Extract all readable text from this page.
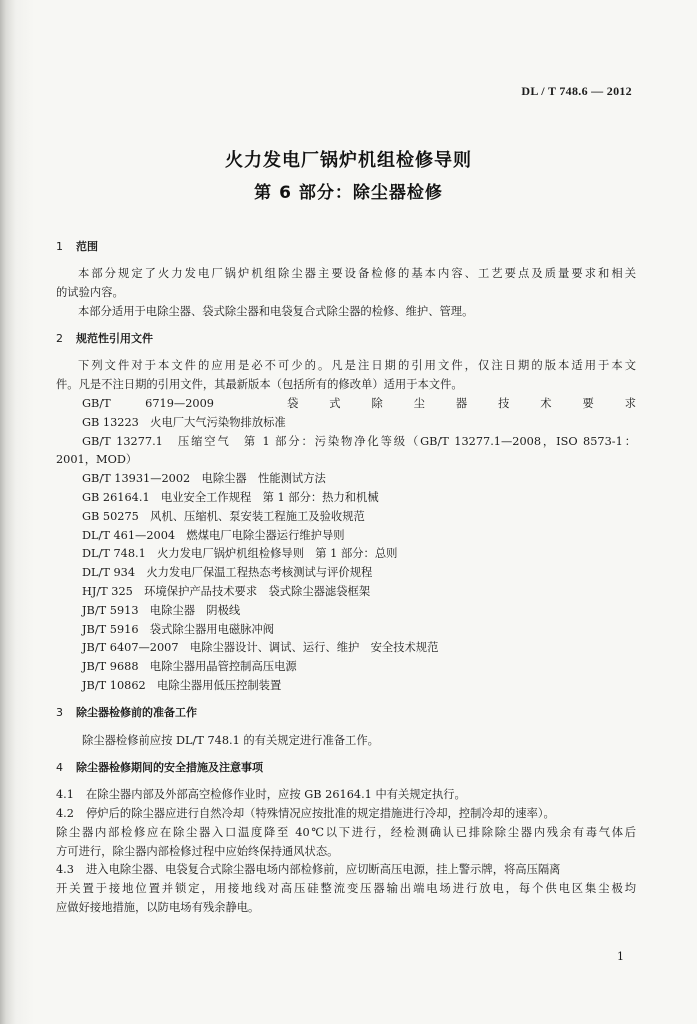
DL / T 748.6 — 2012
火力发电厂锅炉机组检修导则
第 6 部分：除尘器检修
1 范围
本部分规定了火力发电厂锅炉机组除尘器主要设备检修的基本内容、工艺要点及质量要求和相关
的试验内容。
本部分适用于电除尘器、袋式除尘器和电袋复合式除尘器的检修、维护、管理。
2 规范性引用文件
下列文件对于本文件的应用是必不可少的。凡是注日期的引用文件，仅注日期的版本适用于本文
件。凡是不注日期的引用文件，其最新版本（包括所有的修改单）适用于本文件。
GB/T 6719—2009　袋式除尘器技术要求
GB 13223　火电厂大气污染物排放标准
GB/T 13277.1　压缩空气　第 1 部分：污染物净化等级（GB/T 13277.1—2008，ISO 8573-1：
2001，MOD）
GB/T 13931—2002　电除尘器　性能测试方法
GB 26164.1　电业安全工作规程　第 1 部分：热力和机械
GB 50275　风机、压缩机、泵安装工程施工及验收规范
DL/T 461—2004　燃煤电厂电除尘器运行维护导则
DL/T 748.1　火力发电厂锅炉机组检修导则　第 1 部分：总则
DL/T 934　火力发电厂保温工程热态考核测试与评价规程
HJ/T 325　环境保护产品技术要求　袋式除尘器滤袋框架
JB/T 5913　电除尘器　阴极线
JB/T 5916　袋式除尘器用电磁脉冲阀
JB/T 6407—2007　电除尘器设计、调试、运行、维护　安全技术规范
JB/T 9688　电除尘器用晶管控制高压电源
JB/T 10862　电除尘器用低压控制装置
3 除尘器检修前的准备工作
除尘器检修前应按 DL/T 748.1 的有关规定进行准备工作。
4 除尘器检修期间的安全措施及注意事项
4.1 在除尘器内部及外部高空检修作业时，应按 GB 26164.1 中有关规定执行。
4.2 停炉后的除尘器应进行自然冷却（特殊情况应按批准的规定措施进行冷却，控制冷却的速率）。
除尘器内部检修应在除尘器入口温度降至 40℃以下进行，经检测确认已排除除尘器内残余有毒气体后
方可进行，除尘器内部检修过程中应始终保持通风状态。
4.3 进入电除尘器、电袋复合式除尘器电场内部检修前，应切断高压电源，挂上警示牌，将高压隔离
开关置于接地位置并锁定，用接地线对高压硅整流变压器输出端电场进行放电，每个供电区集尘极均
应做好接地措施，以防电场有残余静电。
1
